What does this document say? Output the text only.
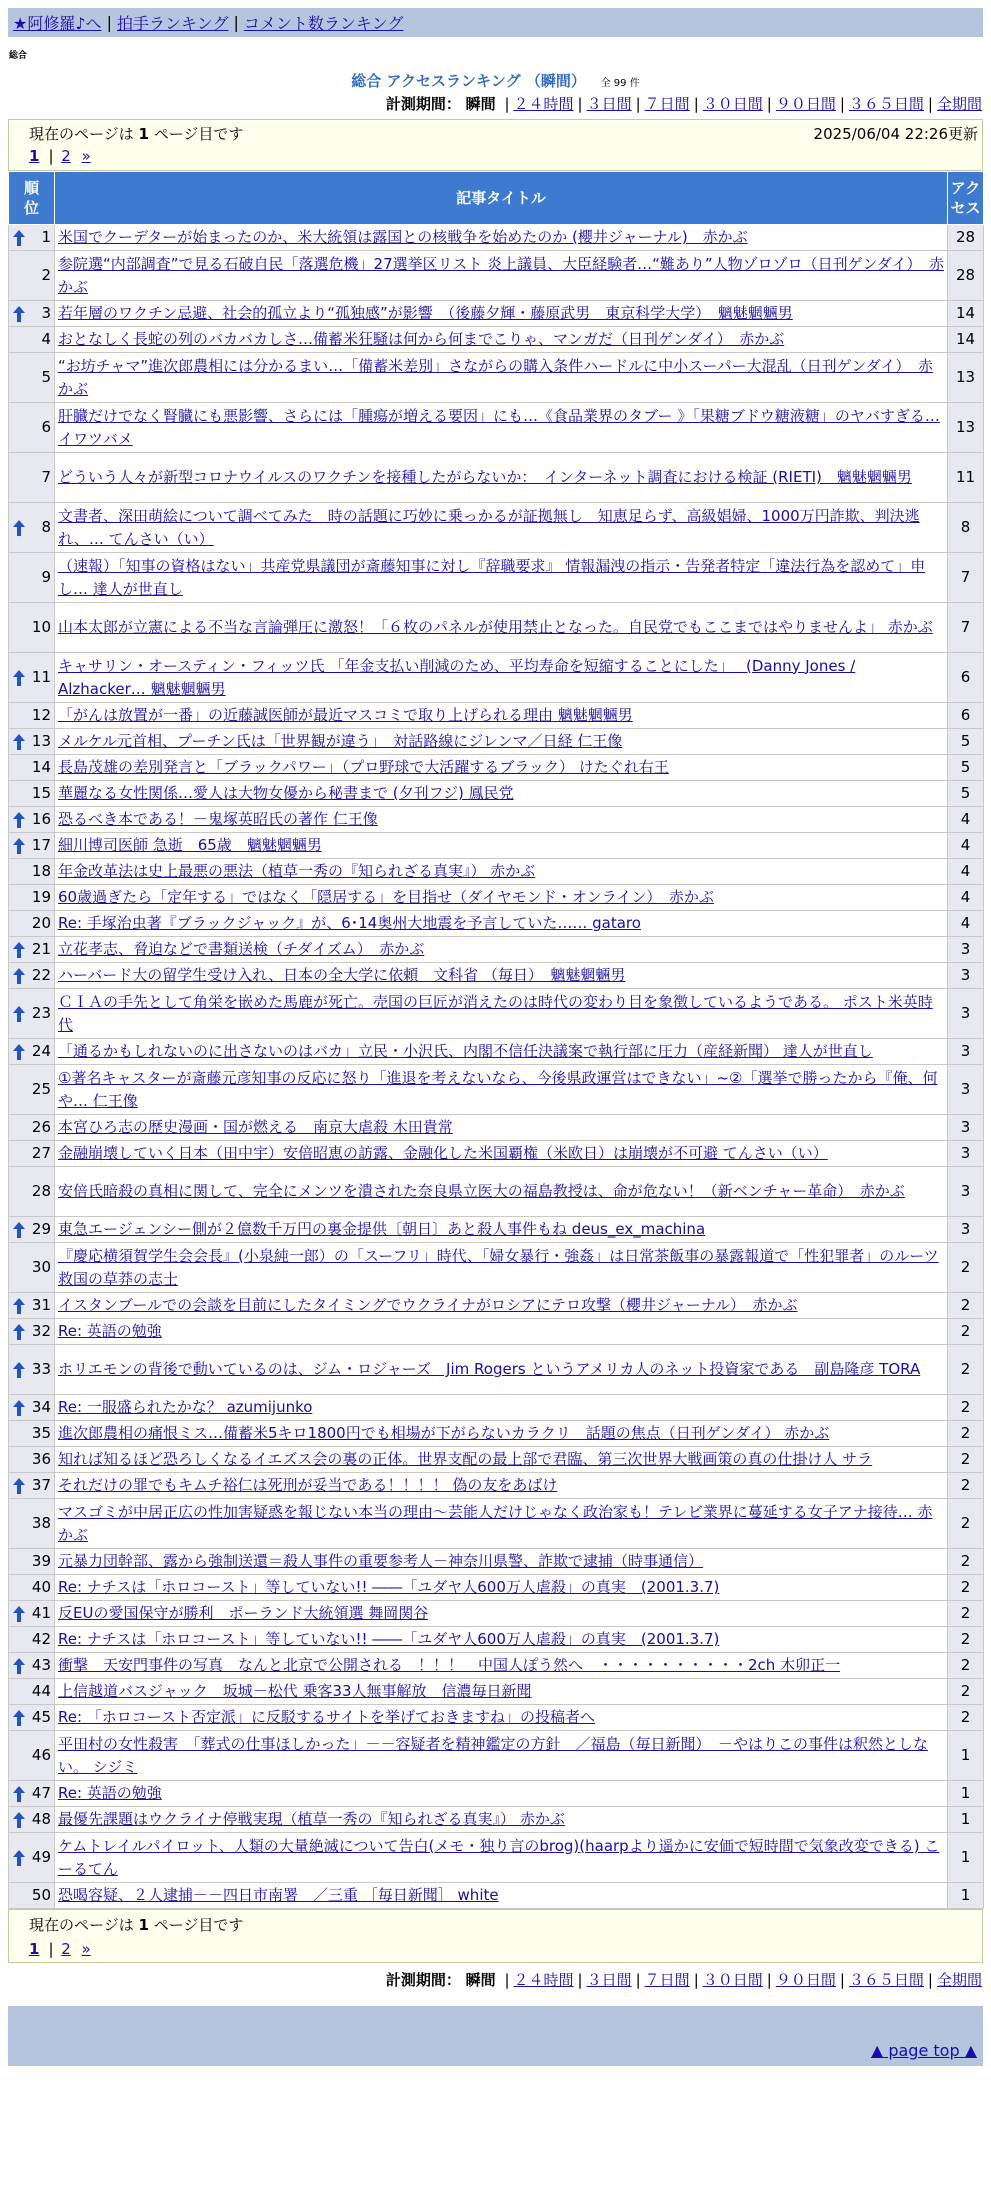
★阿修羅♪へ | 拍手ランキング | コメント数ランキング
総合
総合 アクセスランキング （瞬間） 全 99 件
計測期間： 瞬間 | ２４時間 | ３日間 | ７日間 | ３０日間 | ９０日間 | ３６５日間 | 全期間
現在のページは 1 ページ目です	2025/06/04 22:26更新
1 | 2 »
順位	記事タイトル	アクセス

1	米国でクーデターが始まったのか、米大統領は露国との核戦争を始めたのか (櫻井ジャーナル)　赤かぶ	28
2	参院選“内部調査”で見る石破自民「落選危機」27選挙区リスト 炎上議員、大臣経験者…“難あり”人物ゾロゾロ（日刊ゲンダイ）　赤かぶ	28

3	若年層のワクチン忌避、社会的孤立より“孤独感”が影響　（後藤夕輝・藤原武男　東京科学大学）　魑魅魍魎男	14
4	おとなしく長蛇の列のバカバカしさ…備蓄米狂騒は何から何までこりゃ、マンガだ（日刊ゲンダイ）　赤かぶ	14
5	“お坊チャマ”進次郎農相には分かるまい…「備蓄米差別」さながらの購入条件ハードルに中小スーパー大混乱（日刊ゲンダイ）　赤かぶ	13
6	肝臓だけでなく腎臓にも悪影響、さらには「腫瘍が増える要因」にも…《食品業界のタブー 》「果糖ブドウ糖液糖」のヤバすぎる… イワツバメ	13
7	どういう人々が新型コロナウイルスのワクチンを接種したがらないか：　インターネット調査における検証 (RIETI)　魑魅魍魎男	11

8	文書者、深田萌絵について調べてみた　時の話題に巧妙に乗っかるが証拠無し　知恵足らず、高級娼婦、1000万円詐欺、判決逃れ、… てんさい（い）	8
9	（速報）「知事の資格はない」共産党県議団が斎藤知事に対し『辞職要求』 情報漏洩の指示・告発者特定「違法行為を認めて」申し… 達人が世直し	7
10	山本太郎が立憲による不当な言論弾圧に激怒！「６枚のパネルが使用禁止となった。自民党でもここまではやりませんよ」 赤かぶ	7

11	キャサリン・オースティン・フィッツ氏 「年金支払い削減のため、平均寿命を短縮することにした」　 (Danny Jones / Alzhacker… 魑魅魍魎男	6
12	「がんは放置が一番」の近藤誠医師が最近マスコミで取り上げられる理由 魑魅魍魎男	6

13	メルケル元首相、プーチン氏は「世界観が違う」　対話路線にジレンマ／日経 仁王像	5
14	長島茂雄の差別発言と「ブラックパワー」（プロ野球で大活躍するブラック） けたぐれ右王	5
15	華麗なる女性関係…愛人は大物女優から秘書まで (夕刊フジ) 鳳民党	5

16	恐るべき本である！－鬼塚英昭氏の著作 仁王像	4

17	細川博司医師 急逝　65歳　魑魅魍魎男	4
18	年金改革法は史上最悪の悪法（植草一秀の『知られざる真実』） 赤かぶ	4
19	60歳過ぎたら「定年する」ではなく「隠居する」を目指せ（ダイヤモンド・オンライン）　赤かぶ	4
20	Re: 手塚治虫著『ブラックジャック』が、6･14奥州大地震を予言していた…… gataro	4

21	立花孝志、脅迫などで書類送検（チダイズム）　赤かぶ	3

22	ハーバード大の留学生受け入れ、日本の全大学に依頼　文科省 （毎日）　魑魅魍魎男	3

23	ＣＩＡの手先として角栄を嵌めた馬鹿が死亡。売国の巨匠が消えたのは時代の変わり目を象徴しているようである。 ポスト米英時代	3

24	「通るかもしれないのに出さないのはバカ」立民・小沢氏、内閣不信任決議案で執行部に圧力（産経新聞） 達人が世直し	3
25	①著名キャスターが斎藤元彦知事の反応に怒り「進退を考えないなら、今後県政運営はできない」~②「選挙で勝ったから『俺、何や… 仁王像	3
26	本宮ひろ志の歴史漫画・国が燃える　南京大虐殺 木田貴常	3
27	金融崩壊していく日本（田中宇）安倍昭恵の訪露、金融化した米国覇権（米欧日）は崩壊が不可避 てんさい（い）	3
28	安倍氏暗殺の真相に関して、完全にメンツを潰された奈良県立医大の福島教授は、命が危ない！（新ベンチャー革命）　赤かぶ	3

29	東急エージェンシー側が２億数千万円の裏金提供〔朝日〕あと殺人事件もね deus_ex_machina	3
30	『慶応横須賀学生会会長』(小泉純一郎）の「スーフリ」時代、「婦女暴行・強姦」は日常茶飯事の暴露報道で「性犯罪者」のルーツ 救国の草莽の志士	2

31	イスタンブールでの会談を目前にしたタイミングでウクライナがロシアにテロ攻撃（櫻井ジャーナル）　赤かぶ	2

32	Re: 英語の勉強	2

33	ホリエモンの背後で動いているのは、ジム・ロジャーズ　Jim Rogers というアメリカ人のネット投資家である　副島隆彦 TORA	2

34	Re: 一服盛られたかな？ azumijunko	2
35	進次郎農相の痛恨ミス…備蓄米5キロ1800円でも相場が下がらないカラクリ　話題の焦点（日刊ゲンダイ） 赤かぶ	2
36	知れば知るほど恐ろしくなるイエズス会の裏の正体。世界支配の最上部で君臨、第三次世界大戦画策の真の仕掛け人 サラ	2

37	それだけの罪でもキムチ裕仁は死刑が妥当である！！！！ 偽の友をあばけ	2
38	マスゴミが中居正広の性加害疑惑を報じない本当の理由～芸能人だけじゃなく政治家も！テレビ業界に蔓延する女子アナ接待… 赤かぶ	2
39	元暴力団幹部、露から強制送還＝殺人事件の重要参考人－神奈川県警、詐欺で逮捕（時事通信）	2
40	Re: ナチスは「ホロコースト」等していない!! ――「ユダヤ人600万人虐殺」の真実　(2001.3.7)	2

41	反EUの愛国保守が勝利　ポーランド大統領選 舞岡関谷	2
42	Re: ナチスは「ホロコースト」等していない!! ――「ユダヤ人600万人虐殺」の真実　(2001.3.7)	2

43	衝撃　天安門事件の写真　なんと北京で公開される　！！！　中国人ぽう然へ　・・・・・・・・・・2ch 木卯正一	2
44	上信越道バスジャック　坂城－松代 乗客33人無事解放　信濃毎日新聞	2

45	Re: 「ホロコースト否定派」に反駁するサイトを挙げておきますね」の投稿者へ	2
46	平田村の女性殺害　「葬式の仕事ほしかった」－－容疑者を精神鑑定の方針　／福島（毎日新聞）　－やはりこの事件は釈然としない。 シジミ	1

47	Re: 英語の勉強	1

48	最優先課題はウクライナ停戦実現（植草一秀の『知られざる真実』） 赤かぶ	1

49	ケムトレイルパイロット、人類の大量絶滅について告白(メモ・独り言のbrog)(haarpより遥かに安価で短時間で気象改変できる) こーるてん	1
50	恐喝容疑、２人逮捕－－四日市南署　／三重 ［毎日新聞］ white	1
現在のページは 1 ページ目です
1 | 2 »
計測期間： 瞬間 | ２４時間 | ３日間 | ７日間 | ３０日間 | ９０日間 | ３６５日間 | 全期間
▲ page top ▲
